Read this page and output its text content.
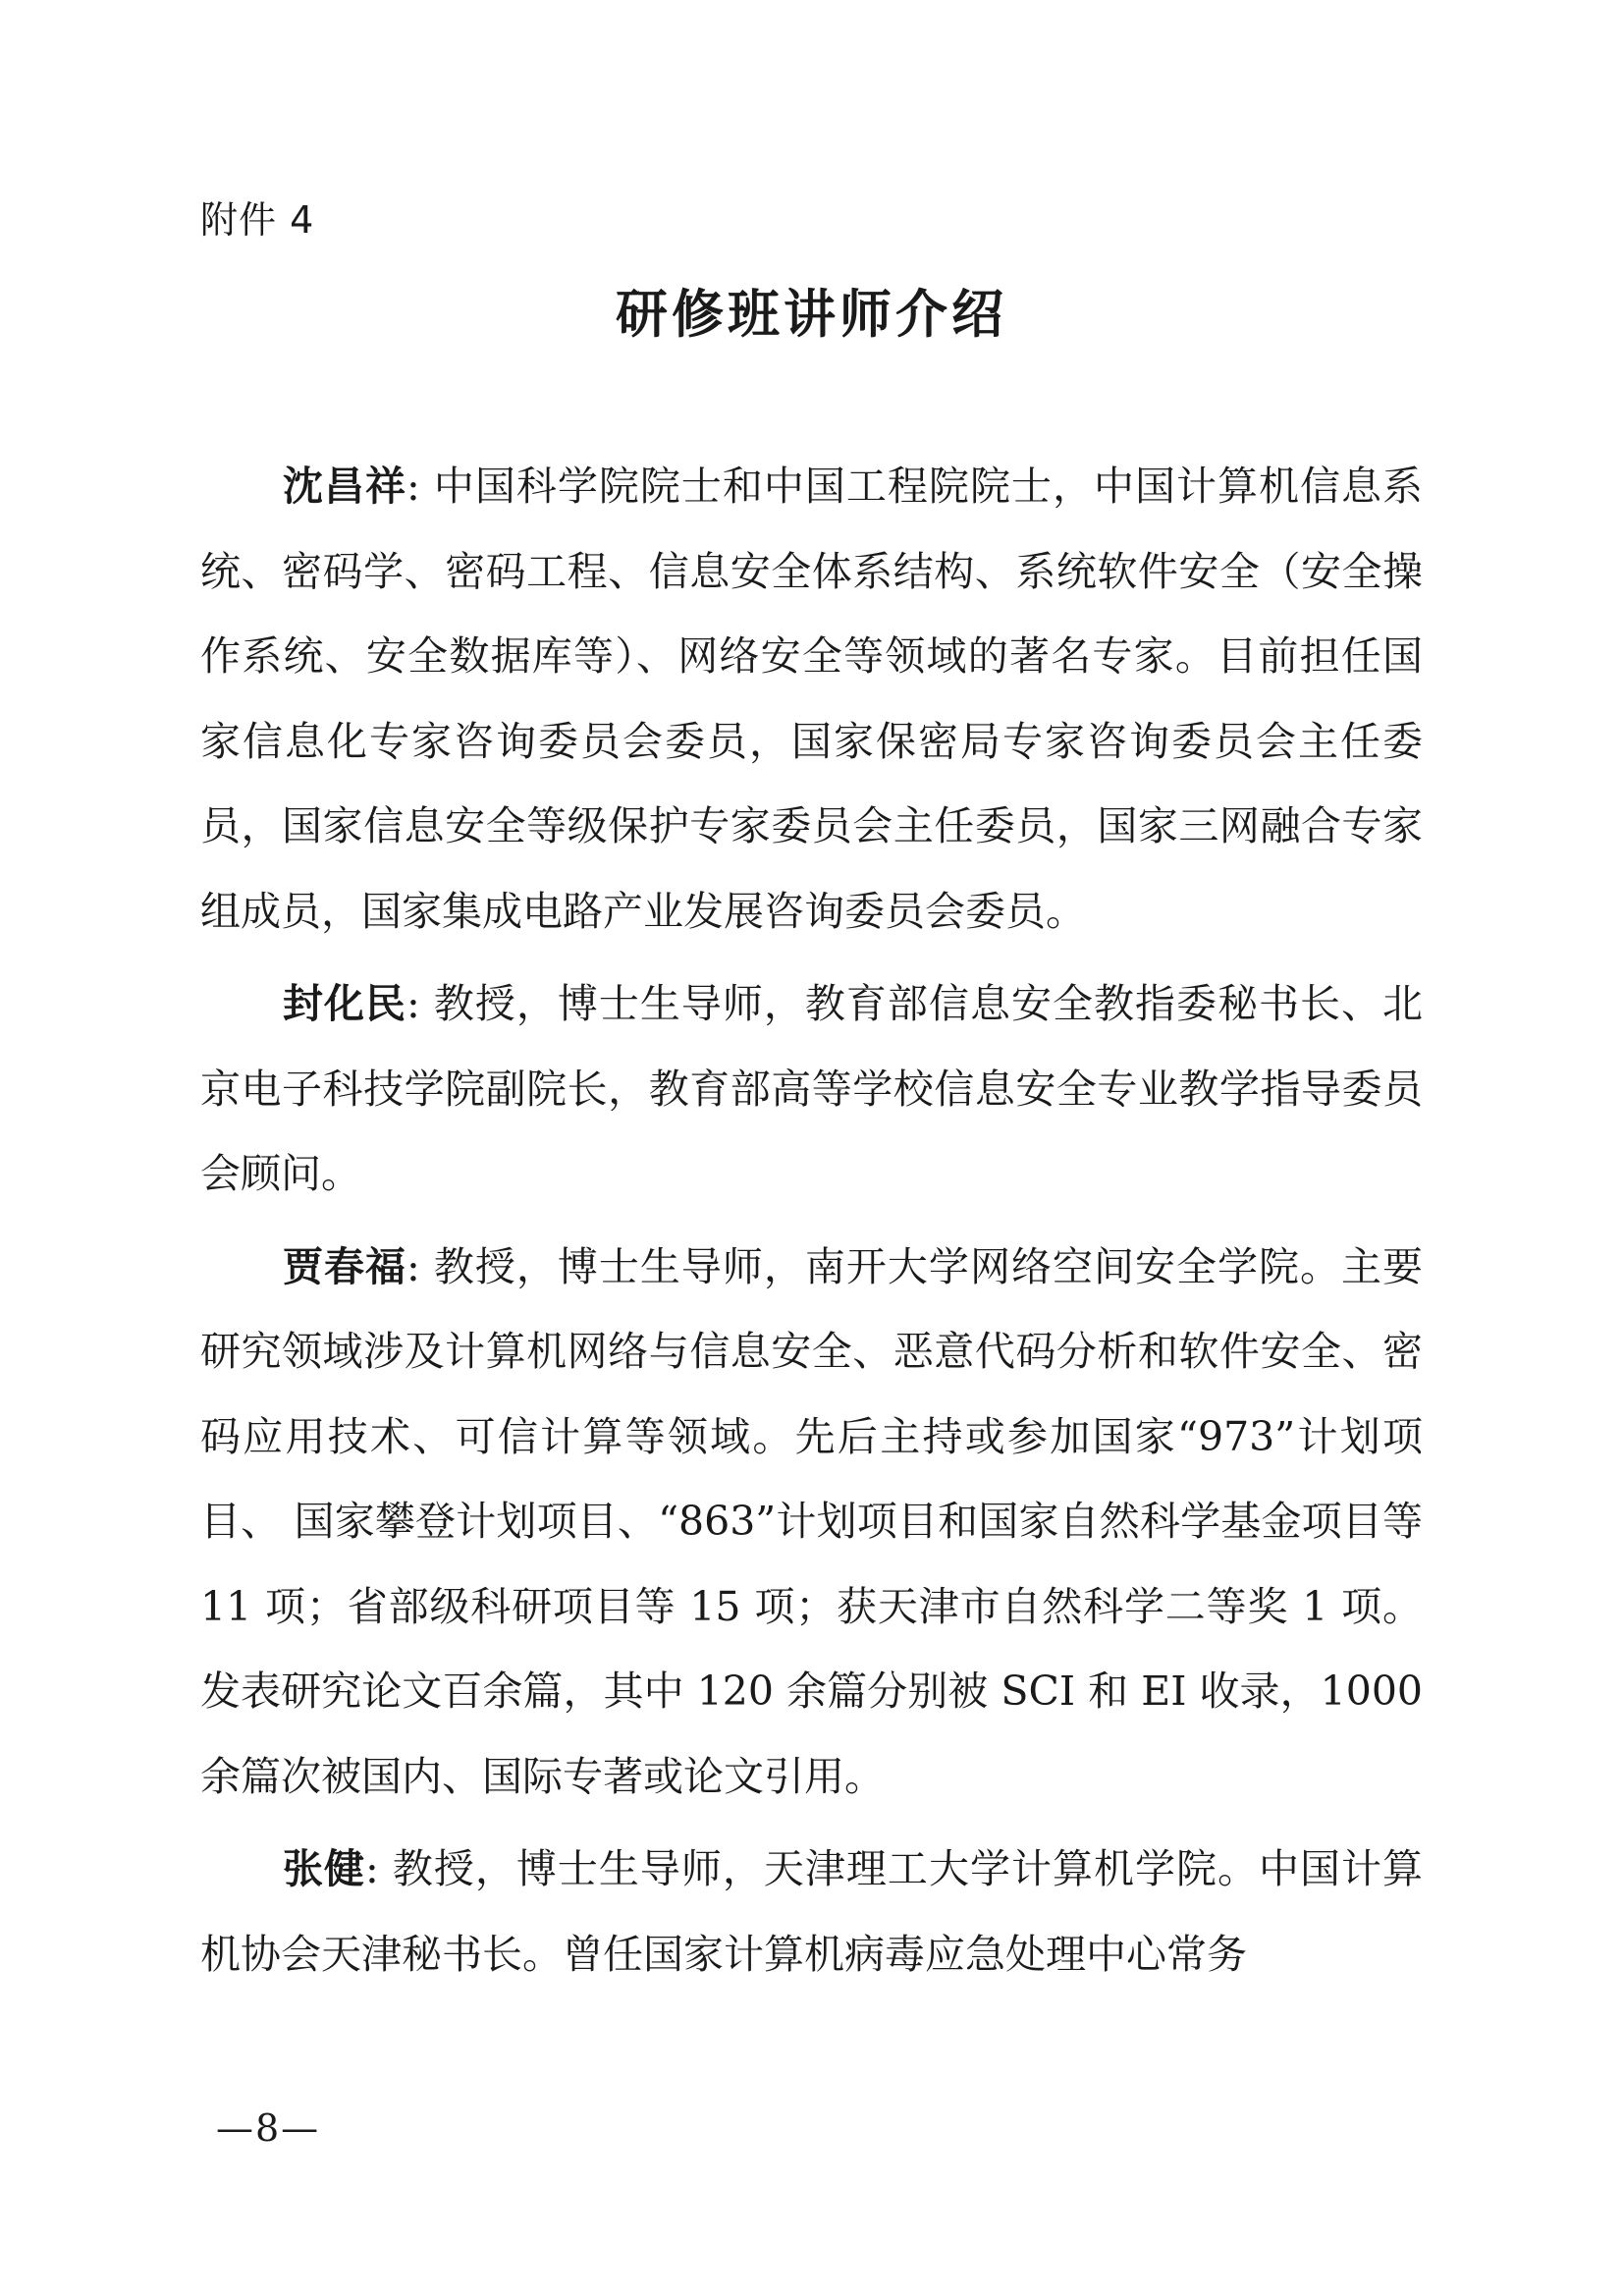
附件 4
研修班讲师介绍

沈昌祥: 中国科学院院士和中国工程院院士，中国计算机信息系统、密码学、密码工程、信息安全体系结构、系统软件安全（安全操作系统、安全数据库等）、网络安全等领域的著名专家。目前担任国家信息化专家咨询委员会委员，国家保密局专家咨询委员会主任委员，国家信息安全等级保护专家委员会主任委员，国家三网融合专家组成员，国家集成电路产业发展咨询委员会委员。

封化民: 教授，博士生导师，教育部信息安全教指委秘书长、北京电子科技学院副院长，教育部高等学校信息安全专业教学指导委员会顾问。

贾春福: 教授，博士生导师，南开大学网络空间安全学院。主要研究领域涉及计算机网络与信息安全、恶意代码分析和软件安全、密码应用技术、可信计算等领域。先后主持或参加国家“973”计划项目、 国家攀登计划项目、“863”计划项目和国家自然科学基金项目等 11 项；省部级科研项目等 15 项；获天津市自然科学二等奖 1 项。发表研究论文百余篇，其中 120 余篇分别被 SCI 和 EI 收录，1000 余篇次被国内、国际专著或论文引用。

张健: 教授，博士生导师，天津理工大学计算机学院。中国计算机协会天津秘书长。曾任国家计算机病毒应急处理中心常务

—8—
